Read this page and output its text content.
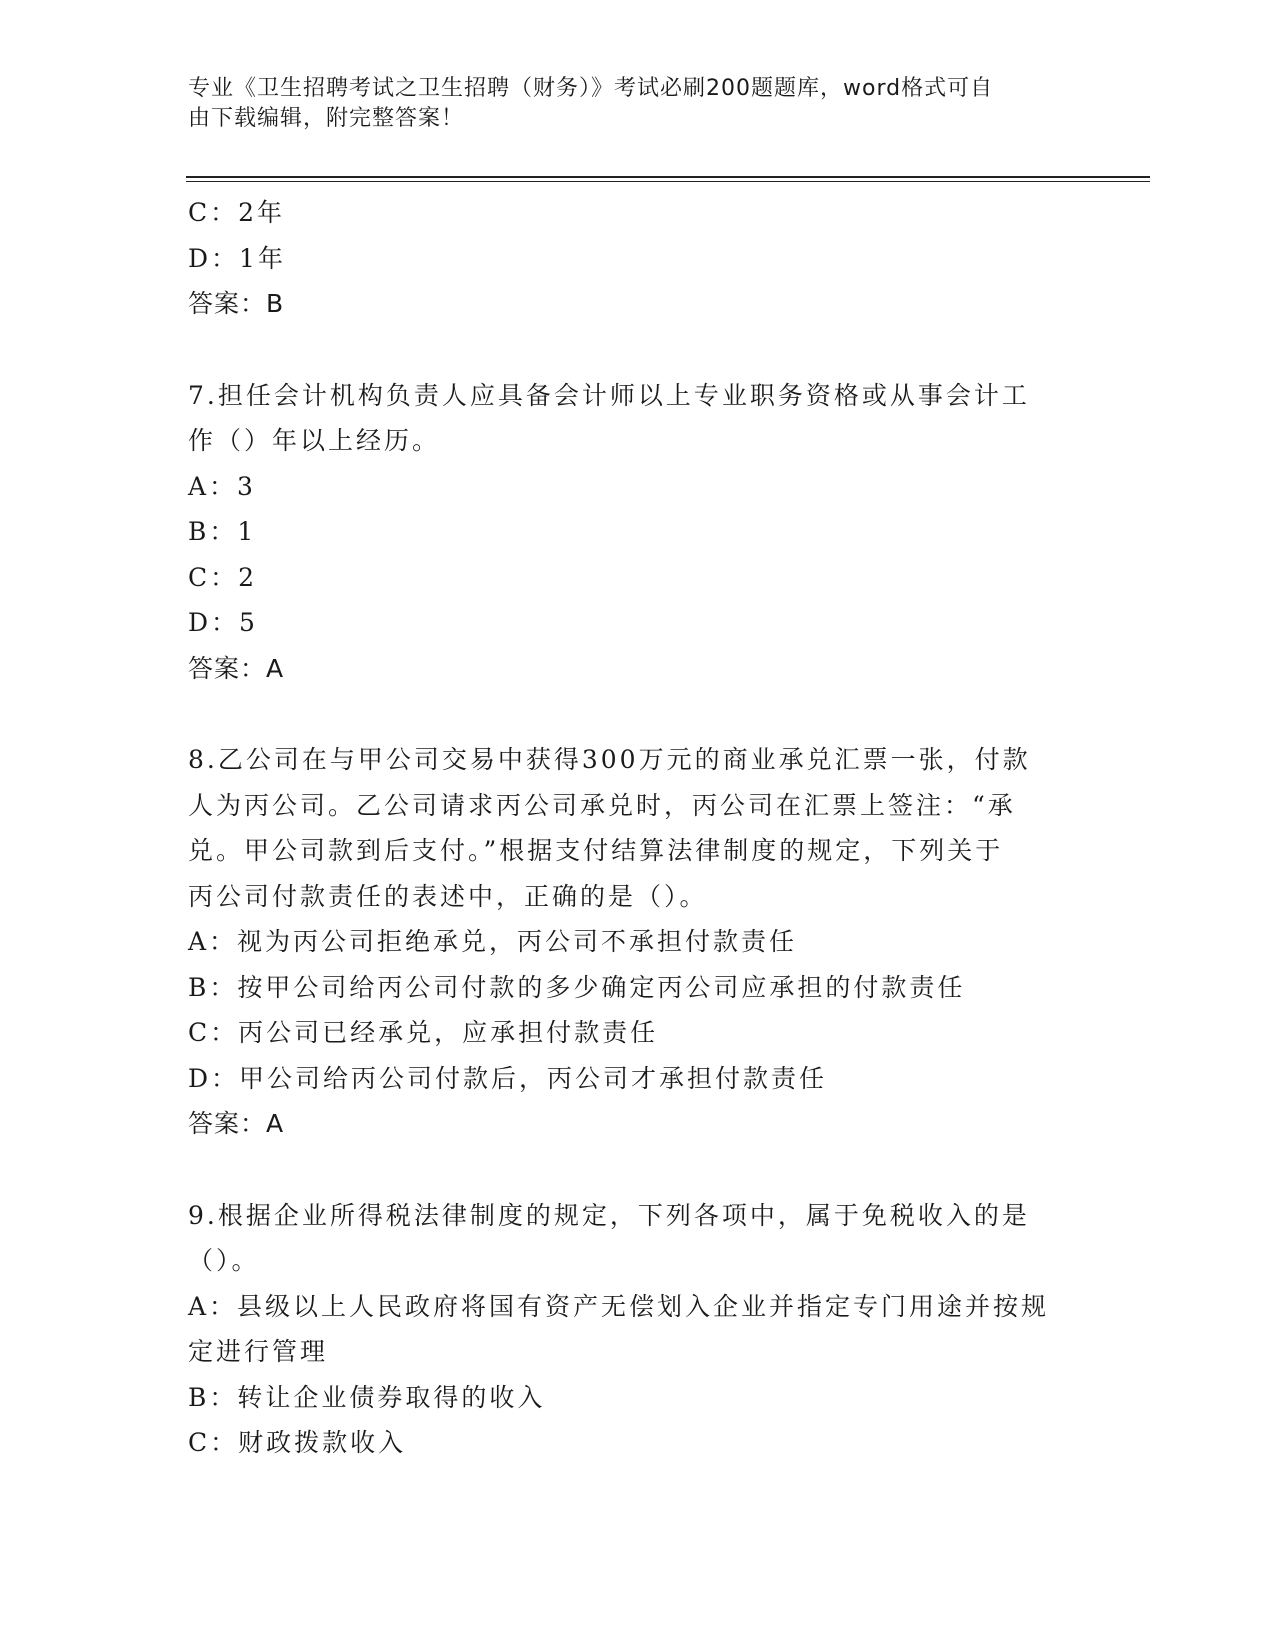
专业《卫生招聘考试之卫生招聘（财务）》考试必刷200题题库，word格式可自

由下载编辑，附完整答案！

C：2年
D：1年
答案：B
7.担任会计机构负责人应具备会计师以上专业职务资格或从事会计工
作（）年以上经历。
A：3
B：1
C：2
D：5
答案：A
8.乙公司在与甲公司交易中获得300万元的商业承兑汇票一张，付款
人为丙公司。乙公司请求丙公司承兑时，丙公司在汇票上签注：“承
兑。甲公司款到后支付。”根据支付结算法律制度的规定，下列关于
丙公司付款责任的表述中，正确的是（）。
A：视为丙公司拒绝承兑，丙公司不承担付款责任
B：按甲公司给丙公司付款的多少确定丙公司应承担的付款责任
C：丙公司已经承兑，应承担付款责任
D：甲公司给丙公司付款后，丙公司才承担付款责任
答案：A
9.根据企业所得税法律制度的规定，下列各项中，属于免税收入的是
（）。
A：县级以上人民政府将国有资产无偿划入企业并指定专门用途并按规
定进行管理
B：转让企业债券取得的收入
C：财政拨款收入
